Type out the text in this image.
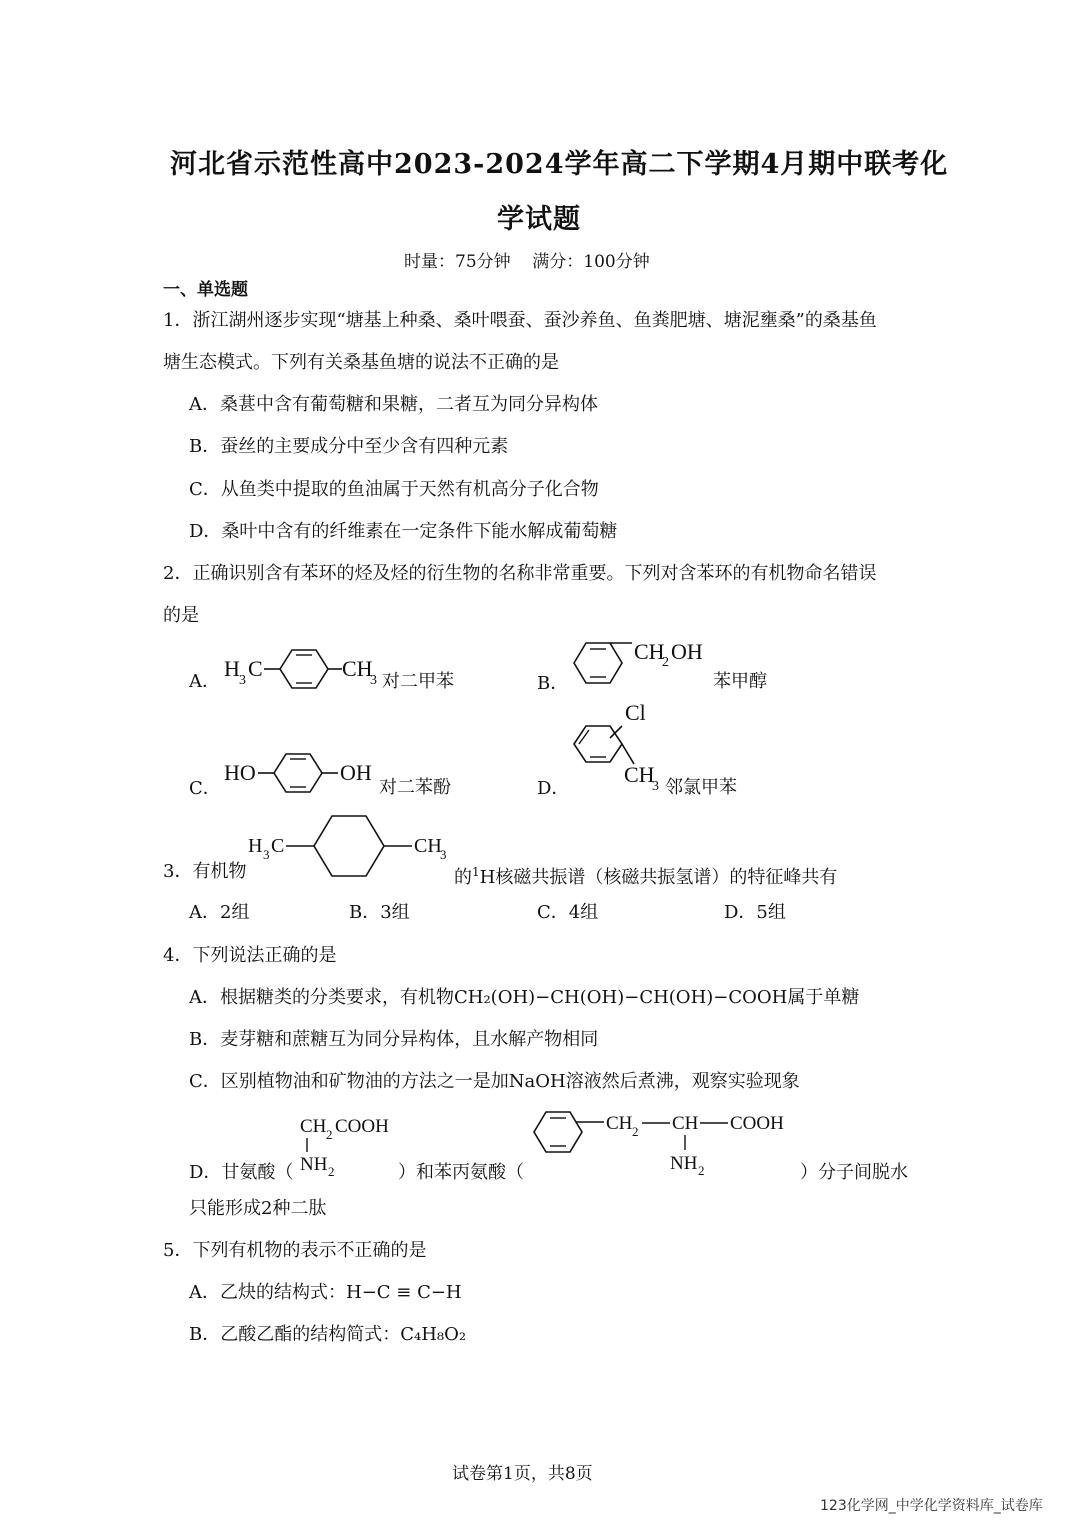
河北省示范性高中2023-2024学年高二下学期4月期中联考化
学试题
时量：75分钟    满分：100分钟
一、单选题
1．浙江湖州逐步实现“塘基上种桑、桑叶喂蚕、蚕沙养鱼、鱼粪肥塘、塘泥壅桑”的桑基鱼
塘生态模式。下列有关桑基鱼塘的说法不正确的是
A．桑葚中含有葡萄糖和果糖，二者互为同分异构体
B．蚕丝的主要成分中至少含有四种元素
C．从鱼类中提取的鱼油属于天然有机高分子化合物
D．桑叶中含有的纤维素在一定条件下能水解成葡萄糖
2．正确识别含有苯环的烃及烃的衍生物的名称非常重要。下列对含苯环的有机物命名错误
的是
A．
H 3 C	CH
3 对二甲苯	B．
CH
2 OH
苯甲醇
C．
HO	OH
对二苯酚	D．
Cl
CH
3 邻氯甲苯
3．有机物
H 3 C	CH
3
的$^1$H核磁共振谱（核磁共振氢谱）的特征峰共有
A．2组	B．3组	C．4组	D．5组
4．下列说法正确的是
A．根据糖类的分类要求，有机物CH₂(OH)−CH(OH)−CH(OH)−COOH属于单糖
B．麦芽糖和蔗糖互为同分异构体，且水解产物相同
C．区别植物油和矿物油的方法之一是加NaOH溶液然后煮沸，观察实验现象
D．甘氨酸（
CH 2 COOH
NH 2	）和苯丙氨酸（
CH 2 CH COOH
NH 2	）分子间脱水
只能形成2种二肽
5．下列有机物的表示不正确的是
A．乙炔的结构式：H−C ≡ C−H
B．乙酸乙酯的结构简式：C₄H₈O₂
试卷第1页，共8页
123化学网_中学化学资料库_试卷库
